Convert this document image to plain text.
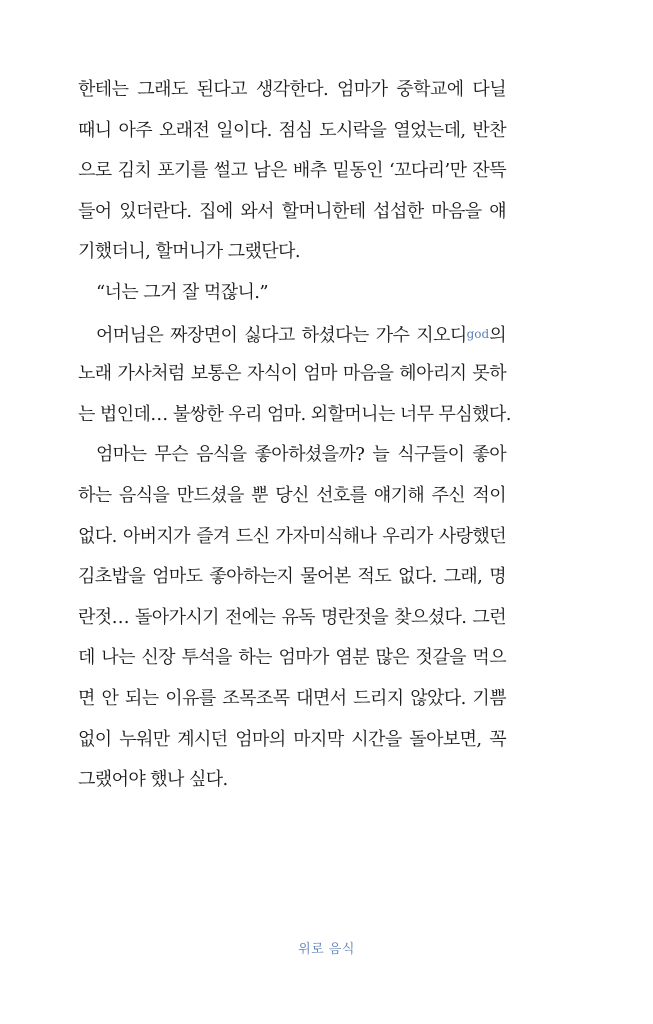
한테는 그래도 된다고 생각한다. 엄마가 중학교에 다닐
때니 아주 오래전 일이다. 점심 도시락을 열었는데, 반찬
으로 김치 포기를 썰고 남은 배추 밑동인 ‘꼬다리’만 잔뜩
들어 있더란다. 집에 와서 할머니한테 섭섭한 마음을 얘
기했더니, 할머니가 그랬단다.
“너는 그거 잘 먹잖니.”
어머님은 짜장면이 싫다고 하셨다는 가수 지오디god의
노래 가사처럼 보통은 자식이 엄마 마음을 헤아리지 못하
는 법인데… 불쌍한 우리 엄마. 외할머니는 너무 무심했다.
엄마는 무슨 음식을 좋아하셨을까? 늘 식구들이 좋아
하는 음식을 만드셨을 뿐 당신 선호를 얘기해 주신 적이
없다. 아버지가 즐겨 드신 가자미식해나 우리가 사랑했던
김초밥을 엄마도 좋아하는지 물어본 적도 없다. 그래, 명
란젓… 돌아가시기 전에는 유독 명란젓을 찾으셨다. 그런
데 나는 신장 투석을 하는 엄마가 염분 많은 젓갈을 먹으
면 안 되는 이유를 조목조목 대면서 드리지 않았다. 기쁨
없이 누워만 계시던 엄마의 마지막 시간을 돌아보면, 꼭
그랬어야 했나 싶다.
위로 음식
